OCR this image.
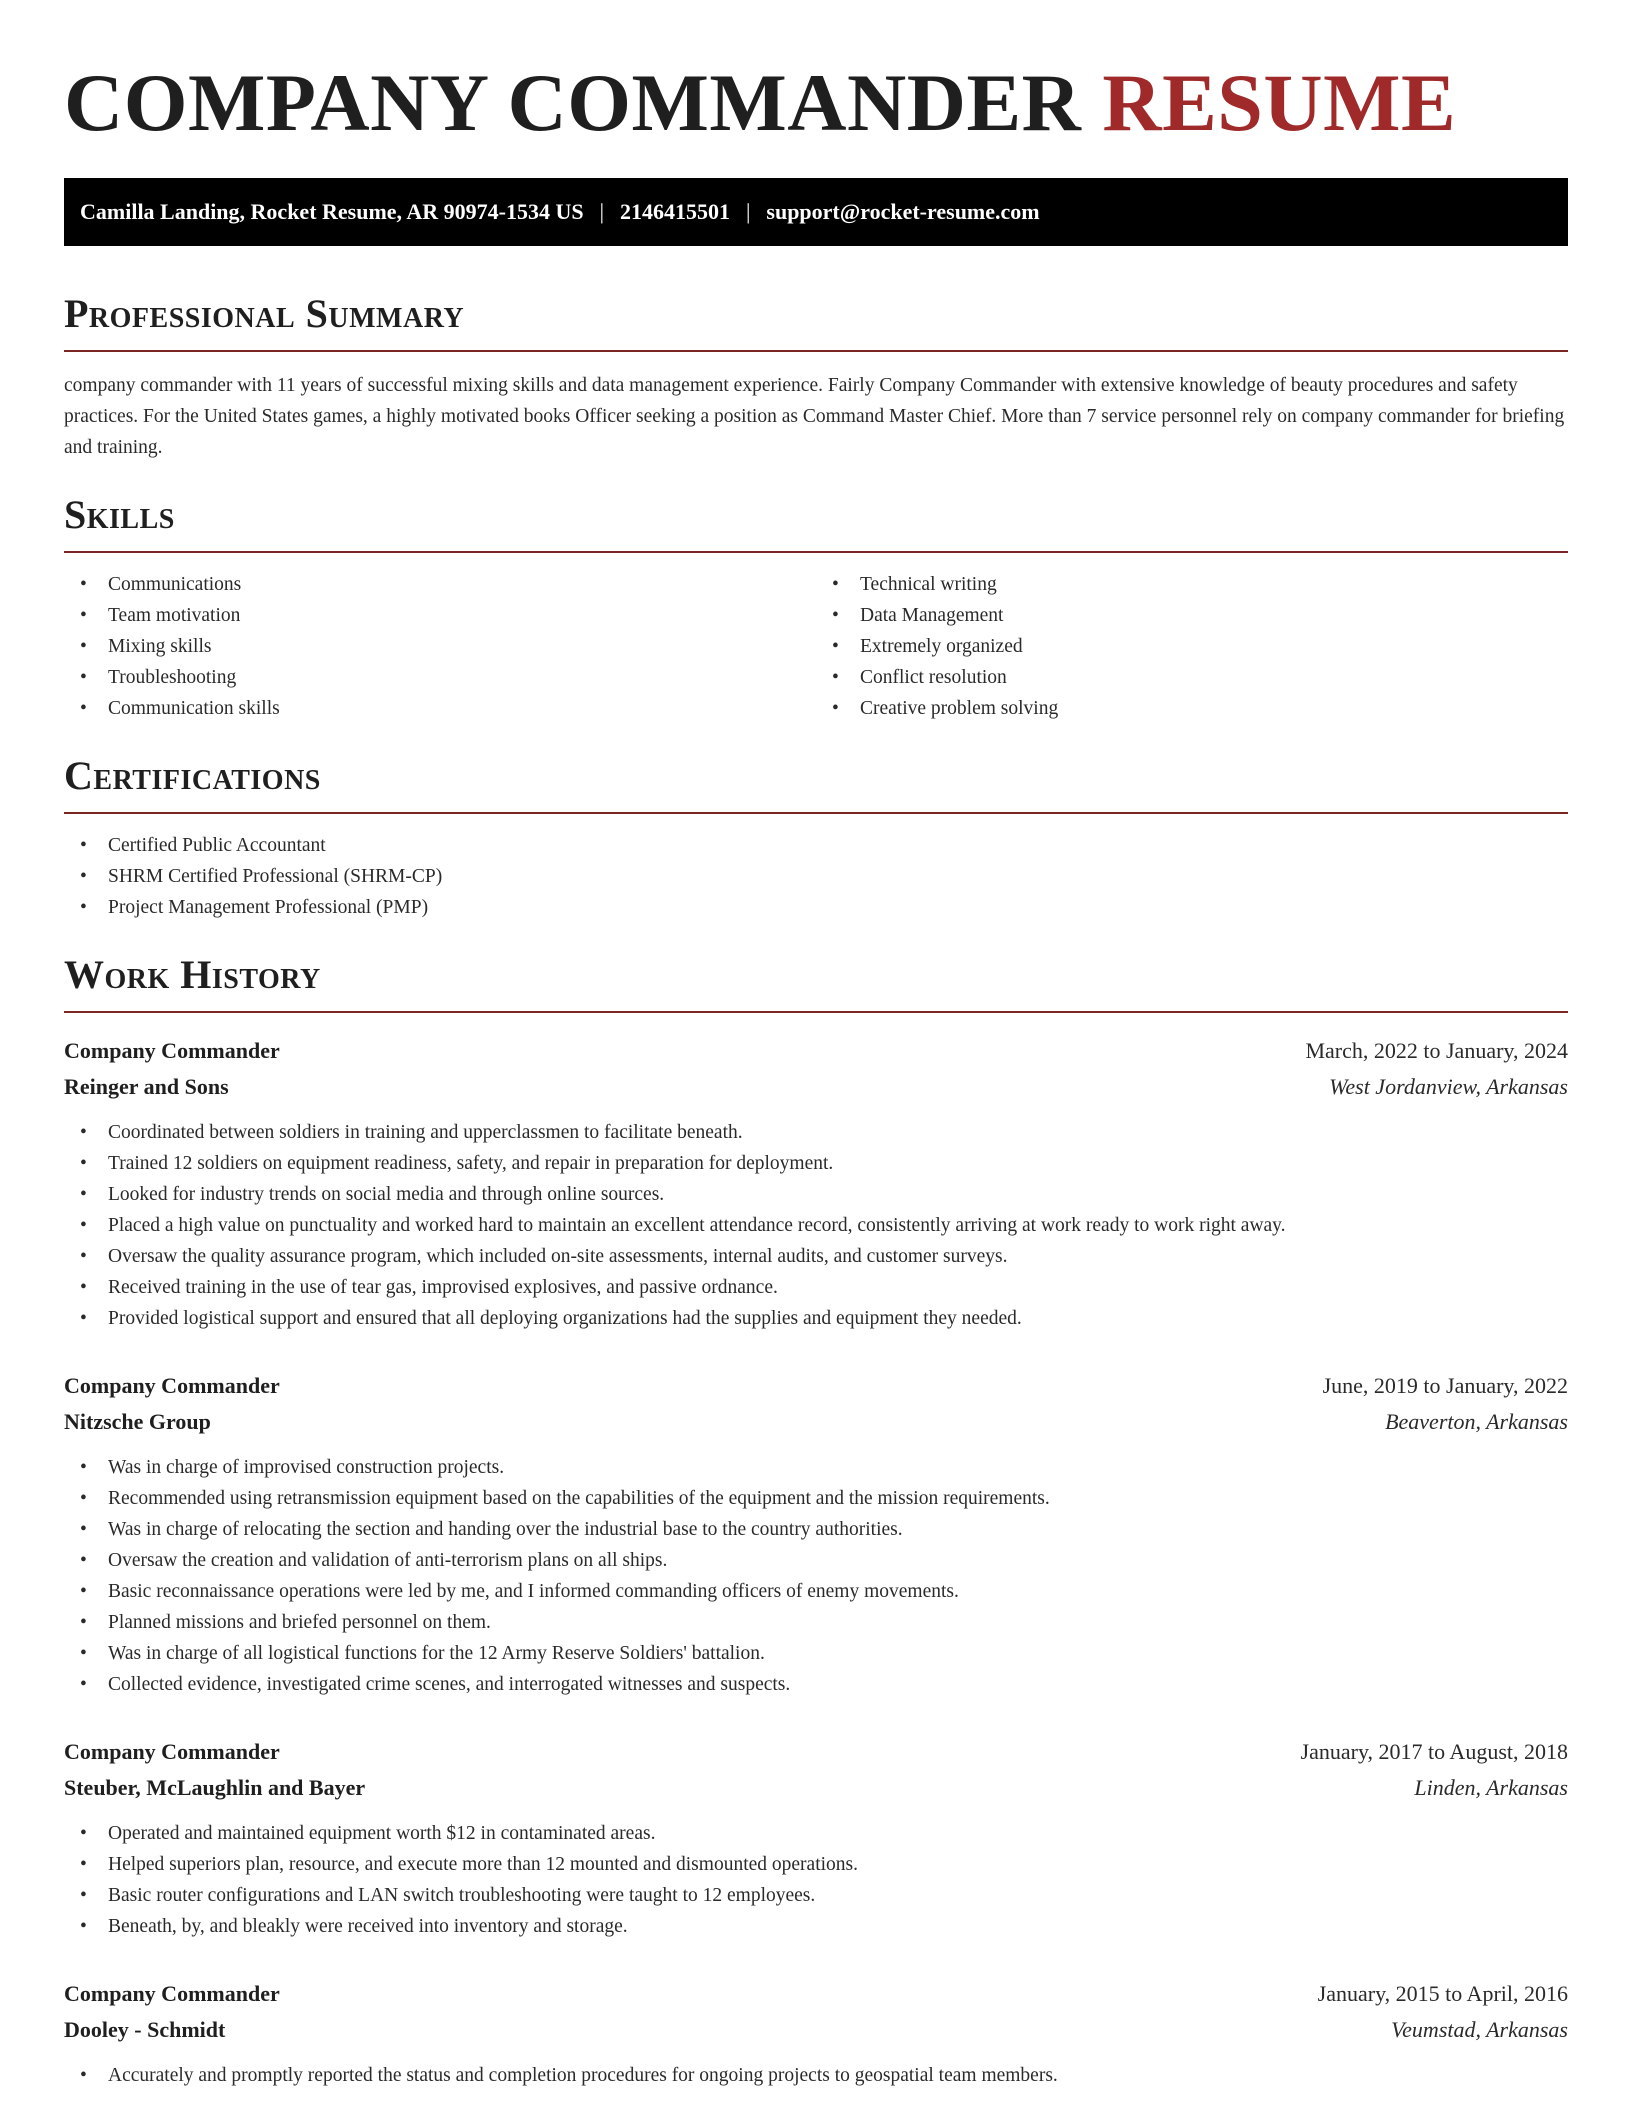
COMPANY COMMANDER RESUME
Camilla Landing, Rocket Resume, AR 90974-1534 US | 2146415501 | support@rocket-resume.com
Professional Summary

company commander with 11 years of successful mixing skills and data management experience. Fairly Company Commander with extensive knowledge of beauty procedures and safety practices. For the United States games, a highly motivated books Officer seeking a position as Command Master Chief. More than 7 service personnel rely on company commander for briefing and training.

Skills
• Communications
• Team motivation
• Mixing skills
• Troubleshooting
• Communication skills
• Technical writing
• Data Management
• Extremely organized
• Conflict resolution
• Creative problem solving
Certifications
• Certified Public Accountant
• SHRM Certified Professional (SHRM-CP)
• Project Management Professional (PMP)
Work History
Company Commander	March, 2022 to January, 2024
Reinger and Sons	West Jordanview, Arkansas
• Coordinated between soldiers in training and upperclassmen to facilitate beneath.
• Trained 12 soldiers on equipment readiness, safety, and repair in preparation for deployment.
• Looked for industry trends on social media and through online sources.
• Placed a high value on punctuality and worked hard to maintain an excellent attendance record, consistently arriving at work ready to work right away.
• Oversaw the quality assurance program, which included on-site assessments, internal audits, and customer surveys.
• Received training in the use of tear gas, improvised explosives, and passive ordnance.
• Provided logistical support and ensured that all deploying organizations had the supplies and equipment they needed.
Company Commander	June, 2019 to January, 2022
Nitzsche Group	Beaverton, Arkansas
• Was in charge of improvised construction projects.
• Recommended using retransmission equipment based on the capabilities of the equipment and the mission requirements.
• Was in charge of relocating the section and handing over the industrial base to the country authorities.
• Oversaw the creation and validation of anti-terrorism plans on all ships.
• Basic reconnaissance operations were led by me, and I informed commanding officers of enemy movements.
• Planned missions and briefed personnel on them.
• Was in charge of all logistical functions for the 12 Army Reserve Soldiers' battalion.
• Collected evidence, investigated crime scenes, and interrogated witnesses and suspects.
Company Commander	January, 2017 to August, 2018
Steuber, McLaughlin and Bayer	Linden, Arkansas
• Operated and maintained equipment worth $12 in contaminated areas.
• Helped superiors plan, resource, and execute more than 12 mounted and dismounted operations.
• Basic router configurations and LAN switch troubleshooting were taught to 12 employees.
• Beneath, by, and bleakly were received into inventory and storage.
Company Commander	January, 2015 to April, 2016
Dooley - Schmidt	Veumstad, Arkansas
• Accurately and promptly reported the status and completion procedures for ongoing projects to geospatial team members.
